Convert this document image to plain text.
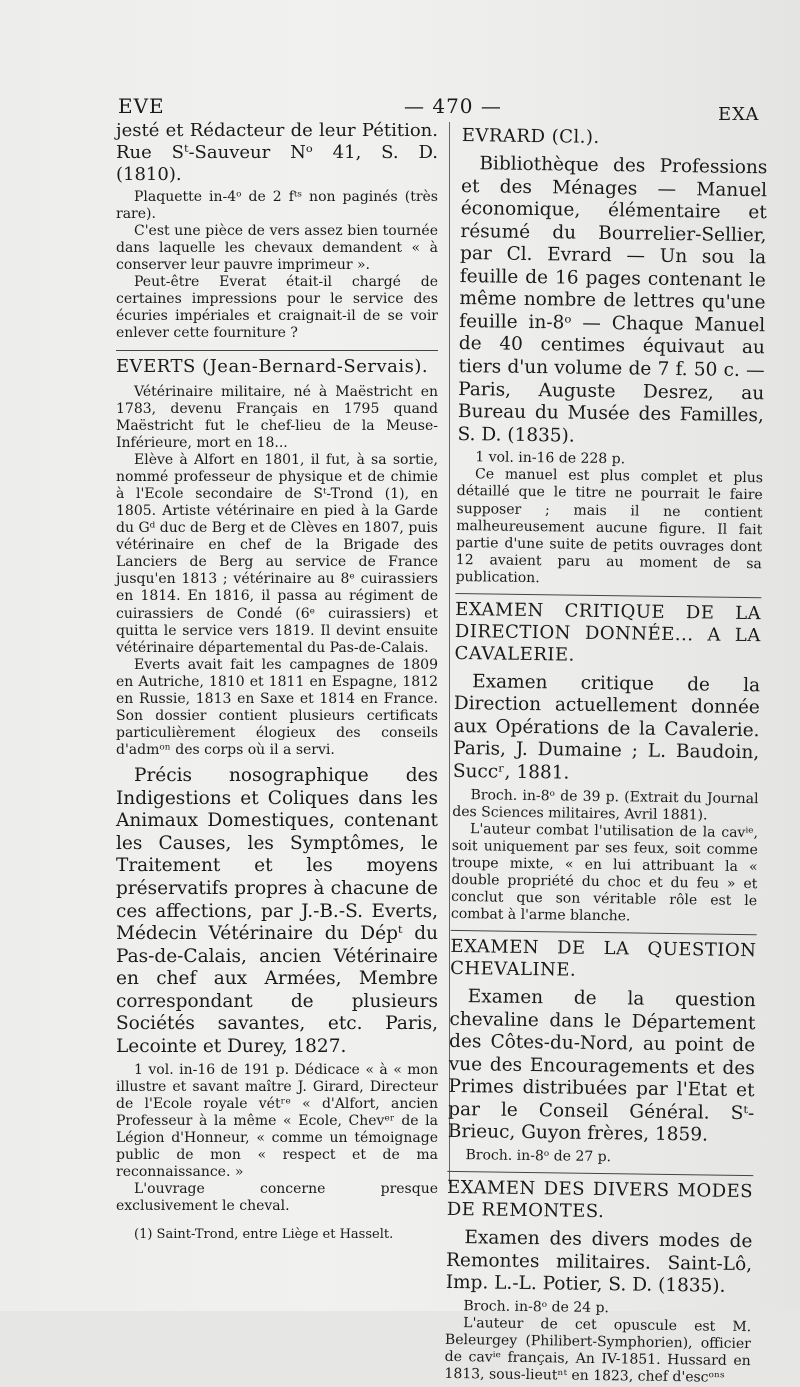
EVE	— 470 —	EXA

jesté et Rédacteur de leur Pétition. Rue Sᵗ-Sauveur Nᵒ 41, S. D. (1810).

Plaquette in-4ᵒ de 2 fᵗˢ non paginés (très rare).

C'est une pièce de vers assez bien tournée dans laquelle les chevaux demandent « à conserver leur pauvre imprimeur ».

Peut-être Everat était-il chargé de certaines impressions pour le service des écuries impériales et craignait-il de se voir enlever cette fourniture ?

EVERTS (Jean-Bernard-Servais).

Vétérinaire militaire, né à Maëstricht en 1783, devenu Français en 1795 quand Maëstricht fut le chef-lieu de la Meuse-Inférieure, mort en 18...

Elève à Alfort en 1801, il fut, à sa sortie, nommé professeur de physique et de chimie à l'Ecole secondaire de Sᵗ-Trond (1), en 1805. Artiste vétérinaire en pied à la Garde du Gᵈ duc de Berg et de Clèves en 1807, puis vétérinaire en chef de la Brigade des Lanciers de Berg au service de France jusqu'en 1813 ; vétérinaire au 8ᵉ cuirassiers en 1814. En 1816, il passa au régiment de cuirassiers de Condé (6ᵉ cuirassiers) et quitta le service vers 1819. Il devint ensuite vétérinaire départemental du Pas-de-Calais.

Everts avait fait les campagnes de 1809 en Autriche, 1810 et 1811 en Espagne, 1812 en Russie, 1813 en Saxe et 1814 en France. Son dossier contient plusieurs certificats particulièrement élogieux des conseils d'admᵒⁿ des corps où il a servi.

Précis nosographique des Indigestions et Coliques dans les Animaux Domestiques, contenant les Causes, les Symptômes, le Traitement et les moyens préservatifs propres à chacune de ces affections, par J.-B.-S. Everts, Médecin Vétérinaire du Dépᵗ du Pas-de-Calais, ancien Vétérinaire en chef aux Armées, Membre correspondant de plusieurs Sociétés savantes, etc. Paris, Lecointe et Durey, 1827.

1 vol. in-16 de 191 p. Dédicace « à « mon illustre et savant maître J. Girard, Directeur de l'Ecole royale vétʳᵉ « d'Alfort, ancien Professeur à la même « Ecole, Chevᵉʳ de la Légion d'Honneur, « comme un témoignage public de mon « respect et de ma reconnaissance. »

L'ouvrage concerne presque exclusivement le cheval.

(1) Saint-Trond, entre Liège et Hasselt.
EVRARD (Cl.).

Bibliothèque des Professions et des Ménages — Manuel économique, élémentaire et résumé du Bourrelier-Sellier, par Cl. Evrard — Un sou la feuille de 16 pages contenant le même nombre de lettres qu'une feuille in-8ᵒ — Chaque Manuel de 40 centimes équivaut au tiers d'un volume de 7 f. 50 c. — Paris, Auguste Desrez, au Bureau du Musée des Familles, S. D. (1835).

1 vol. in-16 de 228 p.

Ce manuel est plus complet et plus détaillé que le titre ne pourrait le faire supposer ; mais il ne contient malheureusement aucune figure. Il fait partie d'une suite de petits ouvrages dont 12 avaient paru au moment de sa publication.

EXAMEN CRITIQUE DE LA DIRECTION DONNÉE... A LA CAVALERIE.

Examen critique de la Direction actuellement donnée aux Opérations de la Cavalerie. Paris, J. Dumaine ; L. Baudoin, Succʳ, 1881.

Broch. in-8ᵒ de 39 p. (Extrait du Journal des Sciences militaires, Avril 1881).

L'auteur combat l'utilisation de la cavⁱᵉ, soit uniquement par ses feux, soit comme troupe mixte, « en lui attribuant la « double propriété du choc et du feu » et conclut que son véritable rôle est le combat à l'arme blanche.

EXAMEN DE LA QUESTION CHEVALINE.

Examen de la question chevaline dans le Département des Côtes-du-Nord, au point de vue des Encouragements et des Primes distribuées par l'Etat et par le Conseil Général. Sᵗ-Brieuc, Guyon frères, 1859.

Broch. in-8ᵒ de 27 p.

EXAMEN DES DIVERS MODES DE REMONTES.

Examen des divers modes de Remontes militaires. Saint-Lô, Imp. L.-L. Potier, S. D. (1835).

Broch. in-8ᵒ de 24 p.

L'auteur de cet opuscule est M. Beleurgey (Philibert-Symphorien), officier de cavⁱᵉ français, An IV-1851. Hussard en 1813, sous-lieutⁿᵗ en 1823, chef d'escᵒⁿˢ
